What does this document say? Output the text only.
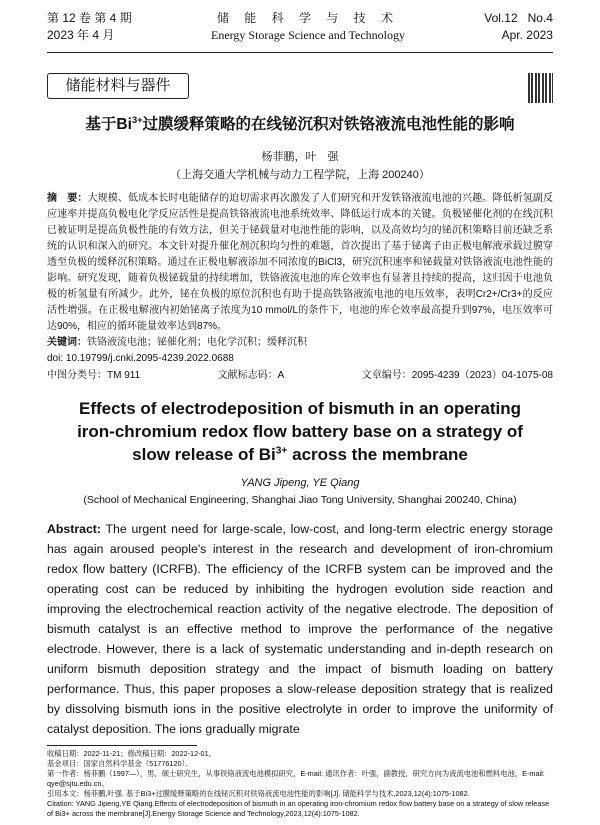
第 12 卷 第 4 期
2023 年 4 月
储 能 科 学 与 技 术
Energy Storage Science and Technology
Vol.12   No.4
Apr. 2023
储能材料与器件
基于$Bi^{3+}$过膜缓释策略的在线铋沉积对铁铬液流电池性能的影响
杨菲鹏，叶　强
（上海交通大学机械与动力工程学院，上海 200240）
摘　要：大规模、低成本长时电能储存的迫切需求再次激发了人们研究和开发铁铬液流电池的兴趣。降低析氢副反应速率并提高负极电化学反应活性是提高铁铬液流电池系统效率、降低运行成本的关键。负极铋催化剂的在线沉积已被证明是提高负极性能的有效方法，但关于铋载量对电池性能的影响，以及高效均匀的铋沉积策略目前还缺乏系统的认识和深入的研究。本文针对提升催化剂沉积均匀性的难题，首次提出了基于铋离子由正极电解液承载过膜穿透至负极的缓释沉积策略。通过在正极电解液添加不同浓度的BiCl3，研究沉积速率和铋载量对铁铬液流电池性能的影响。研究发现，随着负极铋载量的持续增加，铁铬液流电池的库仑效率也有显著且持续的提高，这归因于电池负极的析氢量有所减少。此外，铋在负极的原位沉积也有助于提高铁铬液流电池的电压效率，表明Cr2+/Cr3+的反应活性增强。在正极电解液内初始铋离子浓度为10 mmol/L的条件下，电池的库仑效率最高提升到97%，电压效率可达90%，相应的循环能量效率达到87%。
关键词：铁铬液流电池；铋催化剂；电化学沉积；缓释沉积
doi: 10.19799/j.cnki.2095-4239.2022.0688
中图分类号：TM 911	文献标志码：A	文章编号：2095-4239（2023）04-1075-08
Effects of electrodeposition of bismuth in an operating iron-chromium redox flow battery base on a strategy of slow release of $Bi^{3+}$ across the membrane
YANG Jipeng, YE Qiang
(School of Mechanical Engineering, Shanghai Jiao Tong University, Shanghai 200240, China)
Abstract: The urgent need for large-scale, low-cost, and long-term electric energy storage has again aroused people's interest in the research and development of iron-chromium redox flow battery (ICRFB). The efficiency of the ICRFB system can be improved and the operating cost can be reduced by inhibiting the hydrogen evolution side reaction and improving the electrochemical reaction activity of the negative electrode. The deposition of bismuth catalyst is an effective method to improve the performance of the negative electrode. However, there is a lack of systematic understanding and in-depth research on uniform bismuth deposition strategy and the impact of bismuth loading on battery performance. Thus, this paper proposes a slow-release deposition strategy that is realized by dissolving bismuth ions in the positive electrolyte in order to improve the uniformity of catalyst deposition. The ions gradually migrate
收稿日期：2022-11-21；修改稿日期：2022-12-01。
基金项目：国家自然科学基金（51776120）。
第一作者：杨菲鹏（1997—），男，硕士研究生，从事铁铬液流电池模拟研究，E-mail: 通讯作者：叶强，副教授，研究方向为液流电池和燃料电池，E-mail: qye@sjtu.edu.cn。
引用本文：杨菲鹏,叶强. 基于Bi3+过膜缓释策略的在线铋沉积对铁铬液流电池性能的影响[J]. 储能科学与技术,2023,12(4):1075-1082.
Citation: YANG Jipeng,YE Qiang.Effects of electrodeposition of bismuth in an operating iron-chromium redox flow battery base on a strategy of slow release of Bi3+ across the membrane[J].Energy Storage Science and Technology,2023,12(4):1075-1082.
